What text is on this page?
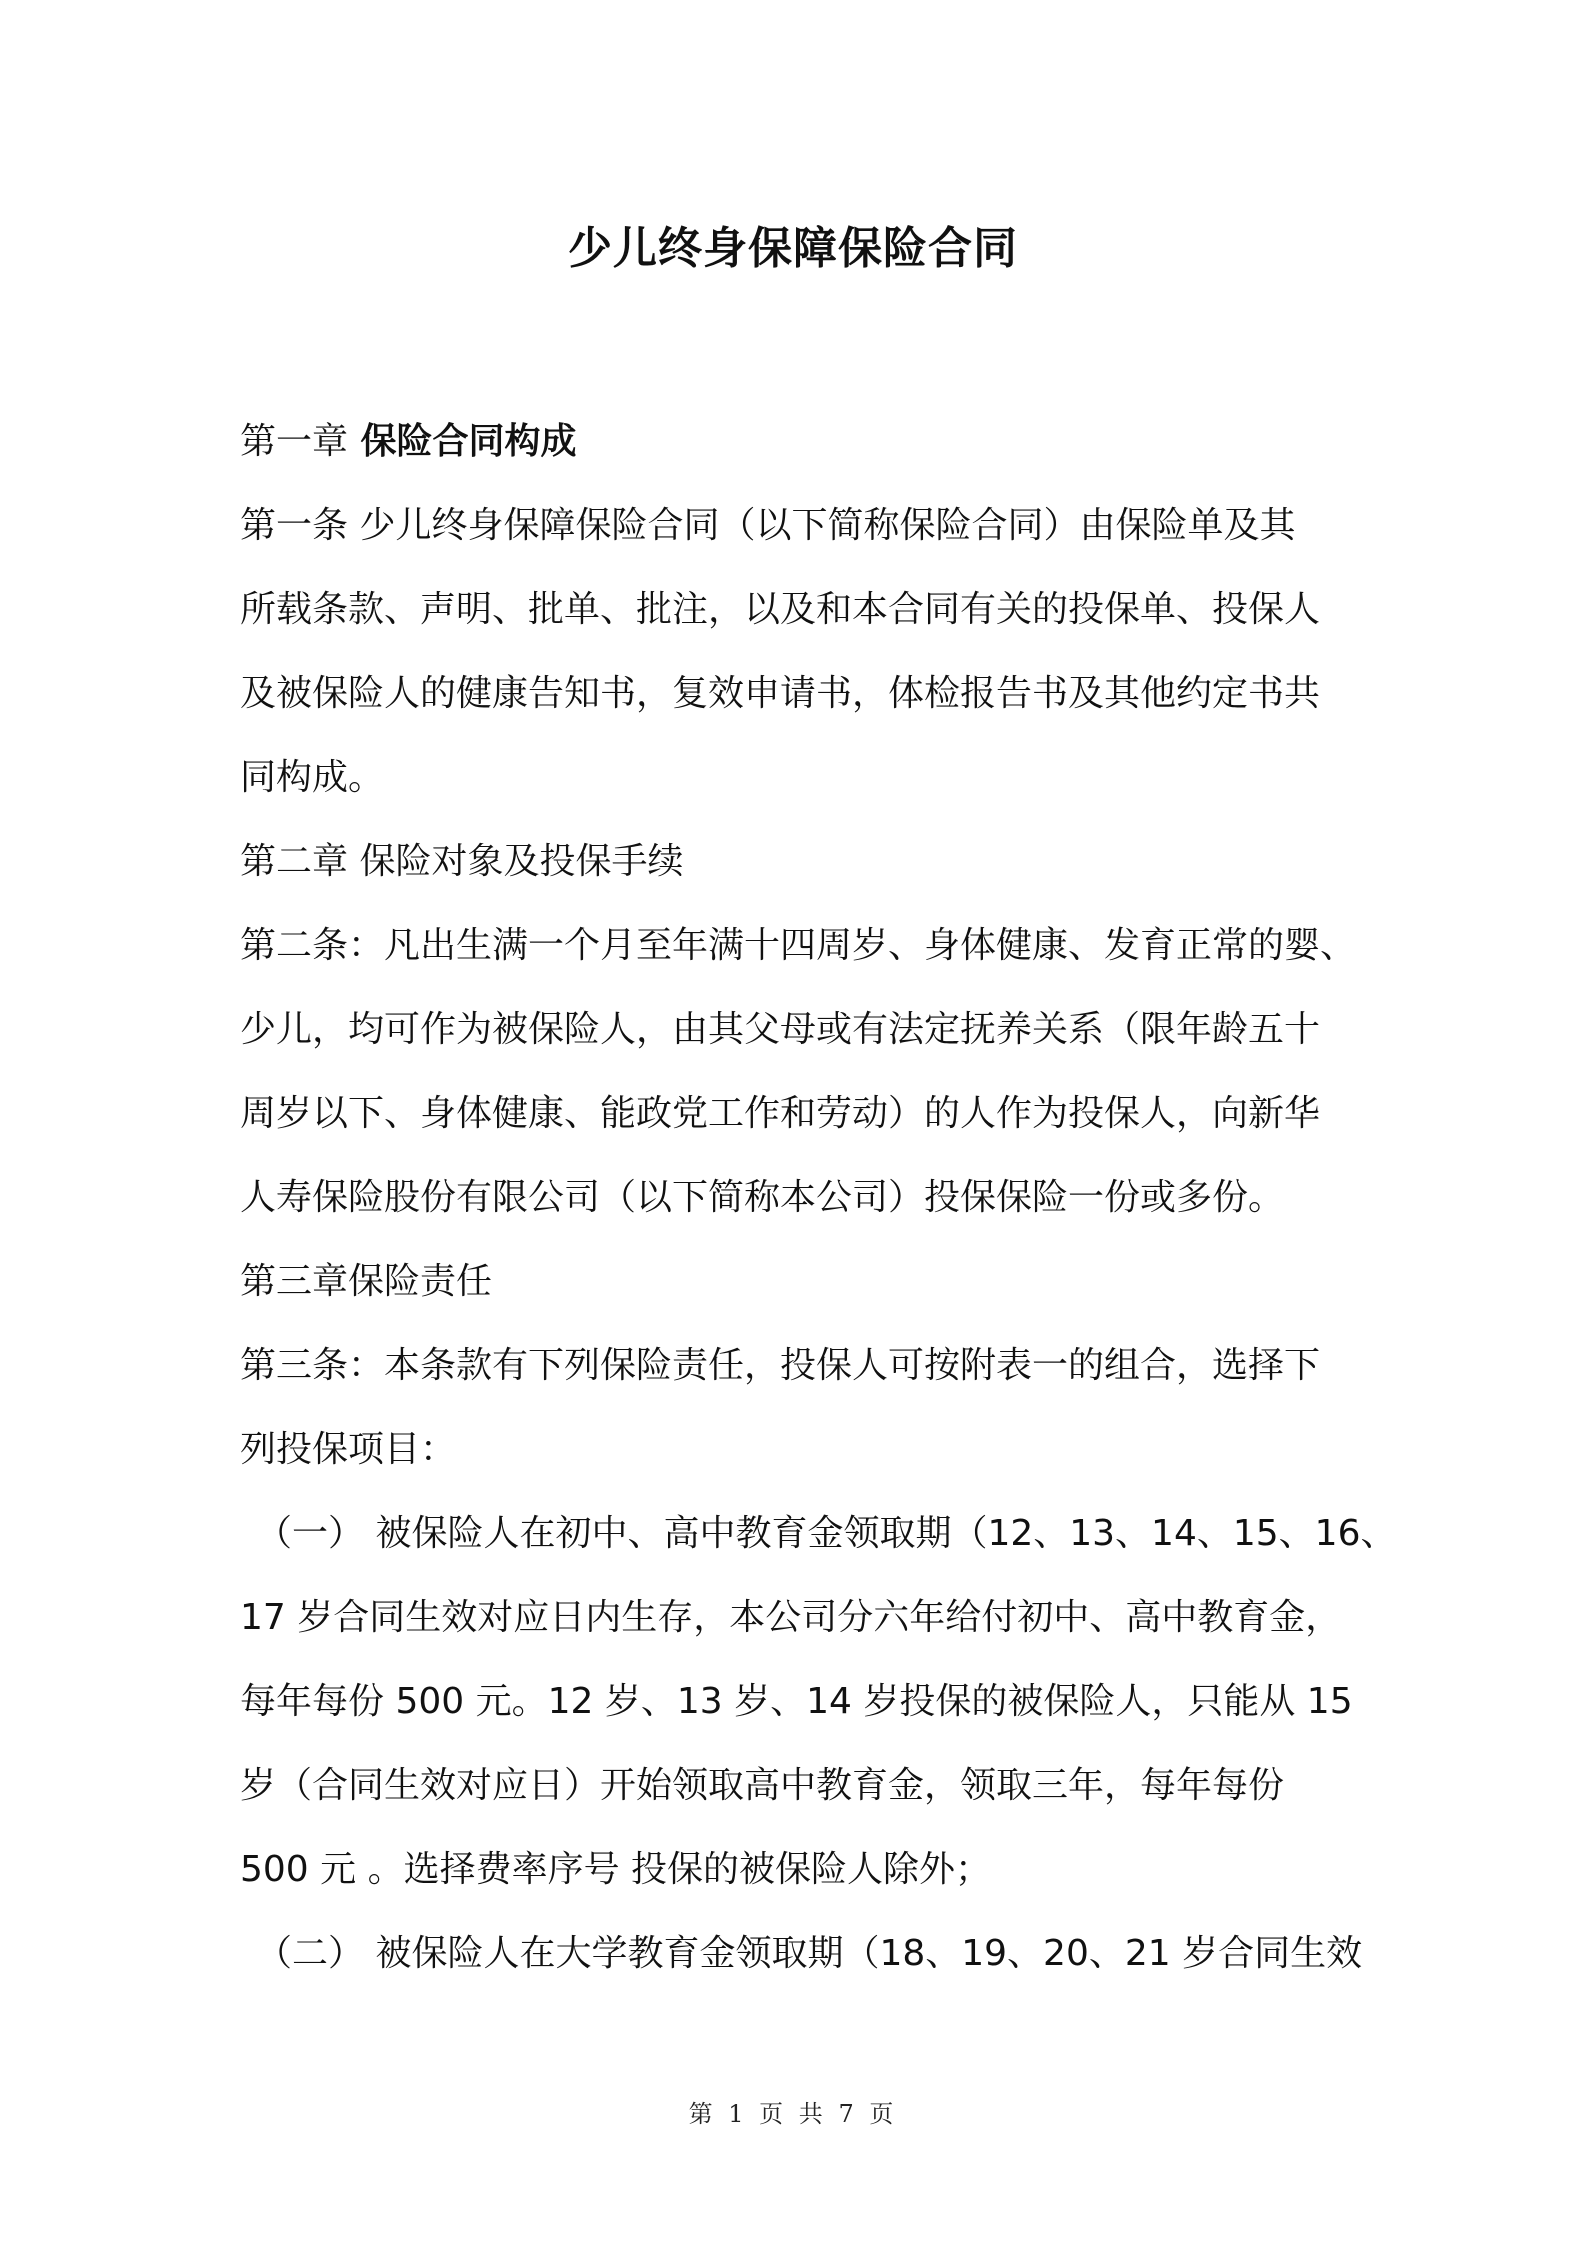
少儿终身保障保险合同
第一章 保险合同构成
第一条 少儿终身保障保险合同（以下简称保险合同）由保险单及其
所载条款、声明、批单、批注，以及和本合同有关的投保单、投保人
及被保险人的健康告知书，复效申请书，体检报告书及其他约定书共
同构成。
第二章 保险对象及投保手续
第二条：凡出生满一个月至年满十四周岁、身体健康、发育正常的婴、
少儿，均可作为被保险人，由其父母或有法定抚养关系（限年龄五十
周岁以下、身体健康、能政党工作和劳动）的人作为投保人，向新华
人寿保险股份有限公司（以下简称本公司）投保保险一份或多份。
第三章保险责任
第三条：本条款有下列保险责任，投保人可按附表一的组合，选择下
列投保项目：
（一） 被保险人在初中、高中教育金领取期（12、13、14、15、16、
17 岁合同生效对应日内生存，本公司分六年给付初中、高中教育金，
每年每份 500 元。12 岁、13 岁、14 岁投保的被保险人，只能从 15
岁（合同生效对应日）开始领取高中教育金，领取三年，每年每份
500 元 。选择费率序号 投保的被保险人除外；
（二） 被保险人在大学教育金领取期（18、19、20、21 岁合同生效
第 1 页 共 7 页
